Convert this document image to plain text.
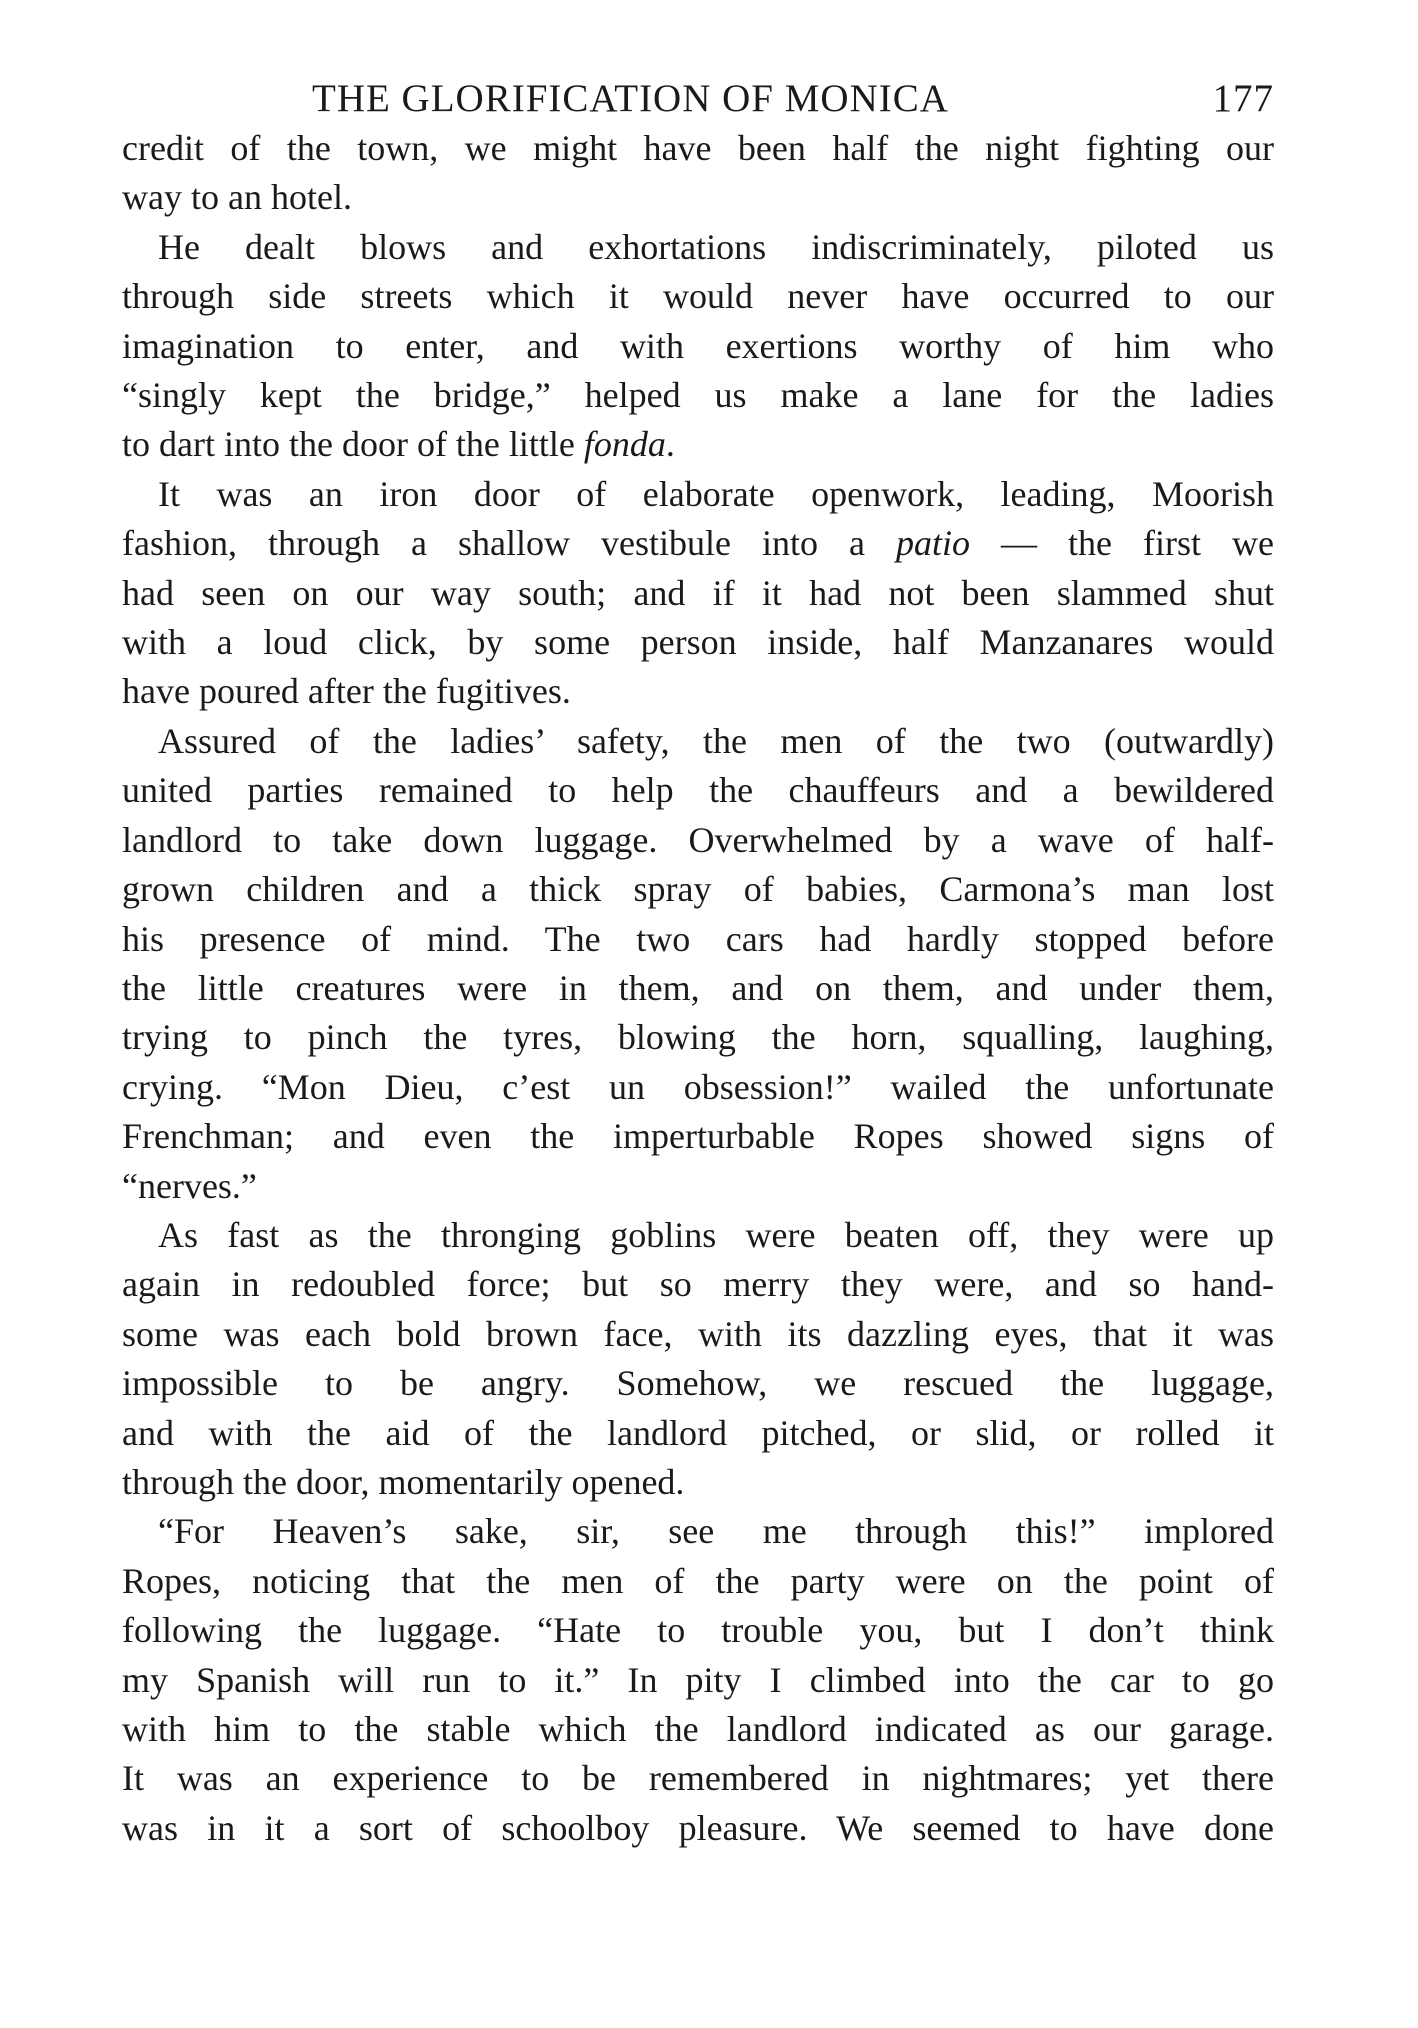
THE GLORIFICATION OF MONICA	177

credit of the town, we might have been half the night fighting our
way to an hotel.

He dealt blows and exhortations indiscriminately, piloted us
through side streets which it would never have occurred to our
imagination to enter, and with exertions worthy of him who
“singly kept the bridge,” helped us make a lane for the ladies
to dart into the door of the little fonda.

It was an iron door of elaborate openwork, leading, Moorish
fashion, through a shallow vestibule into a patio — the first we
had seen on our way south; and if it had not been slammed shut
with a loud click, by some person inside, half Manzanares would
have poured after the fugitives.

Assured of the ladies’ safety, the men of the two (outwardly)
united parties remained to help the chauffeurs and a bewildered
landlord to take down luggage. Overwhelmed by a wave of half-
grown children and a thick spray of babies, Carmona’s man lost
his presence of mind. The two cars had hardly stopped before
the little creatures were in them, and on them, and under them,
trying to pinch the tyres, blowing the horn, squalling, laughing,
crying. “Mon Dieu, c’est un obsession!” wailed the unfortunate
Frenchman; and even the imperturbable Ropes showed signs of
“nerves.”

As fast as the thronging goblins were beaten off, they were up
again in redoubled force; but so merry they were, and so hand-
some was each bold brown face, with its dazzling eyes, that it was
impossible to be angry. Somehow, we rescued the luggage,
and with the aid of the landlord pitched, or slid, or rolled it
through the door, momentarily opened.

“For Heaven’s sake, sir, see me through this!” implored
Ropes, noticing that the men of the party were on the point of
following the luggage. “Hate to trouble you, but I don’t think
my Spanish will run to it.” In pity I climbed into the car to go
with him to the stable which the landlord indicated as our garage.
It was an experience to be remembered in nightmares; yet there
was in it a sort of schoolboy pleasure. We seemed to have done
